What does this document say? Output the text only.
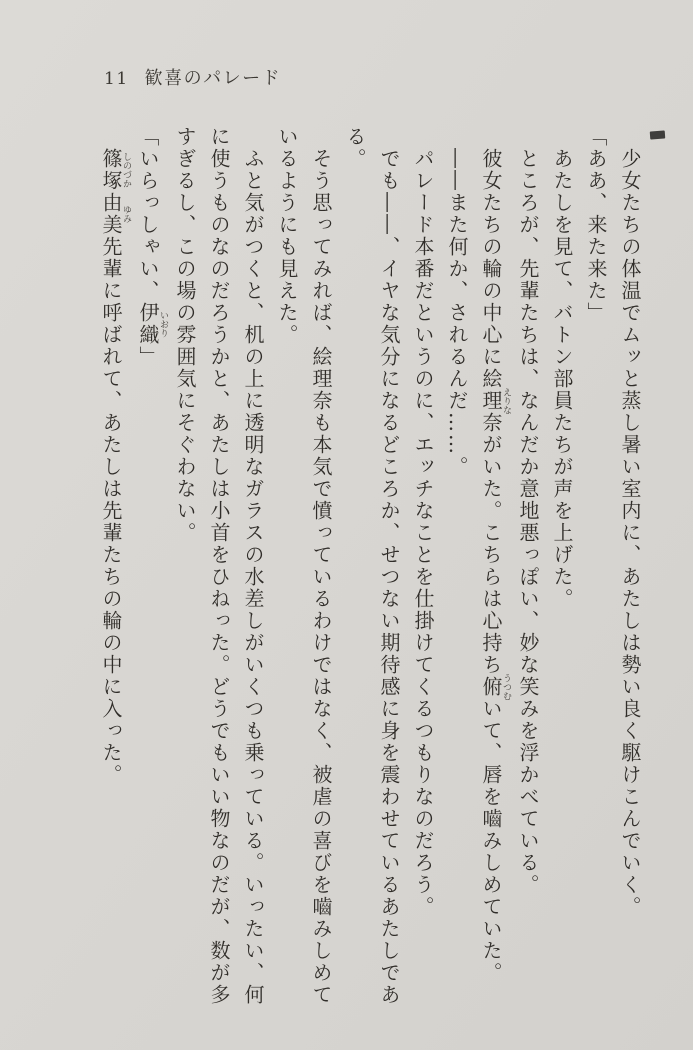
11 歓喜のパレード

　少女たちの体温でムッと蒸し暑い室内に、あたしは勢い良く駆けこんでいく。

「ああ、来た来た」

　あたしを見て、バトン部員たちが声を上げた。

　ところが、先輩たちは、なんだか意地悪っぽい、妙な笑みを浮かべている。

　彼女たちの輪の中心に絵理奈えりながいた。こちらは心持ち俯うつむいて、唇を嚙みしめていた。

　――また何か、されるんだ……。

　パレード本番だというのに、エッチなことを仕掛けてくるつもりなのだろう。

　でも――、イヤな気分になるどころか、せつない期待感に身を震わせているあたしであ

る。

　そう思ってみれば、絵理奈も本気で憤っているわけではなく、被虐の喜びを嚙みしめて

いるようにも見えた。

　ふと気がつくと、机の上に透明なガラスの水差しがいくつも乗っている。いったい、何

に使うものなのだろうかと、あたしは小首をひねった。どうでもいい物なのだが、数が多

すぎるし、この場の雰囲気にそぐわない。

「いらっしゃい、伊織いおり」

　篠塚しのづか由美ゆみ先輩に呼ばれて、あたしは先輩たちの輪の中に入った。
